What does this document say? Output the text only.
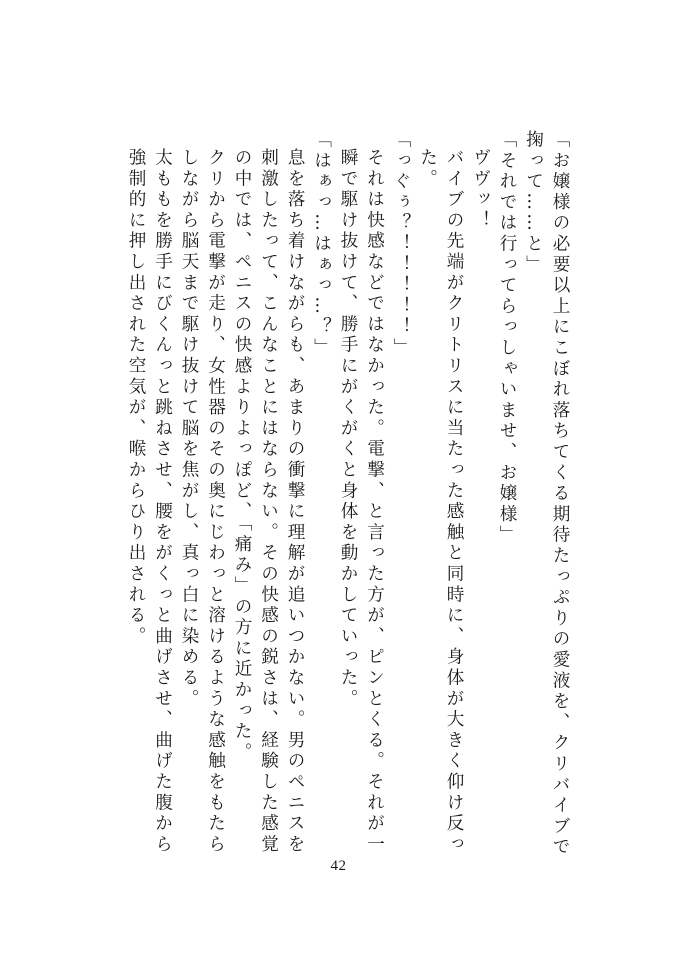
「お嬢様の必要以上にこぼれ落ちてくる期待たっぷりの愛液を、クリバイブで掬って……と」
「それでは行ってらっしゃいませ、お嬢様」
ヴヴッ！
バイブの先端がクリトリスに当たった感触と同時に、身体が大きく仰け反った。
「っぐぅ？！！！！！」
それは快感などではなかった。電撃、と言った方が、ピンとくる。それが一瞬で駆け抜けて、勝手にがくがくと身体を動かしていった。
「はぁっ…はぁっ…？」
息を落ち着けながらも、あまりの衝撃に理解が追いつかない。男のペニスを刺激したって、こんなことにはならない。その快感の鋭さは、経験した感覚の中では、ペニスの快感よりよっぽど、「痛み」の方に近かった。
クリから電撃が走り、女性器のその奥にじわっと溶けるような感触をもたらしながら脳天まで駆け抜けて脳を焦がし、真っ白に染める。
太ももを勝手にびくんっと跳ねさせ、腰をがくっと曲げさせ、曲げた腹から強制的に押し出された空気が、喉からひり出される。
42
